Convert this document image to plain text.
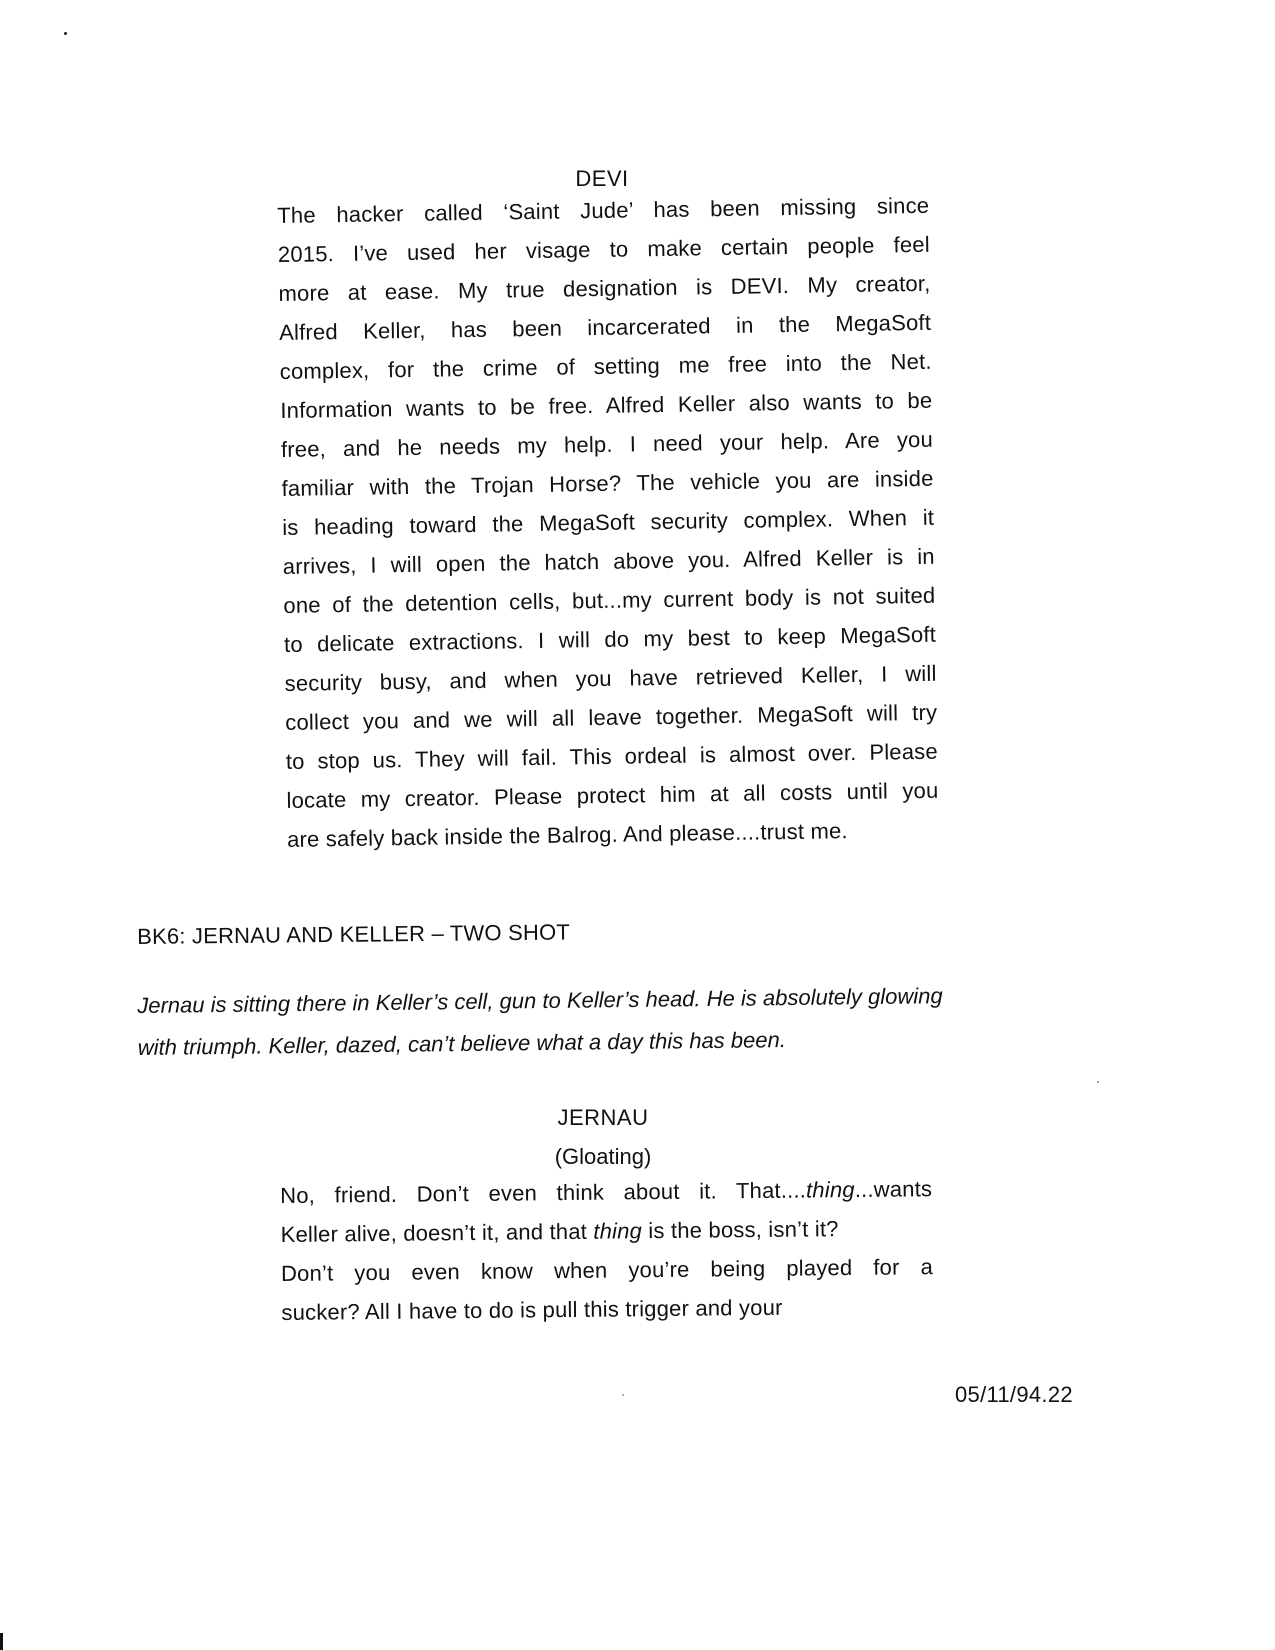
DEVI
The hacker called ‘Saint Jude’ has been missing since
2015. I’ve used her visage to make certain people feel
more at ease. My true designation is DEVI. My creator,
Alfred Keller, has been incarcerated in the MegaSoft
complex, for the crime of setting me free into the Net.
Information wants to be free. Alfred Keller also wants to be
free, and he needs my help. I need your help. Are you
familiar with the Trojan Horse? The vehicle you are inside
is heading toward the MegaSoft security complex. When it
arrives, I will open the hatch above you. Alfred Keller is in
one of the detention cells, but...my current body is not suited
to delicate extractions. I will do my best to keep MegaSoft
security busy, and when you have retrieved Keller, I will
collect you and we will all leave together. MegaSoft will try
to stop us. They will fail. This ordeal is almost over. Please
locate my creator. Please protect him at all costs until you
are safely back inside the Balrog. And please....trust me.
BK6: JERNAU AND KELLER – TWO SHOT
Jernau is sitting there in Keller’s cell, gun to Keller’s head. He is absolutely glowing
with triumph. Keller, dazed, can’t believe what a day this has been.
JERNAU
(Gloating)
No, friend. Don’t even think about it. That....thing...wants
Keller alive, doesn’t it, and that thing is the boss, isn’t it?
Don’t you even know when you’re being played for a
sucker? All I have to do is pull this trigger and your
05/11/94.22
